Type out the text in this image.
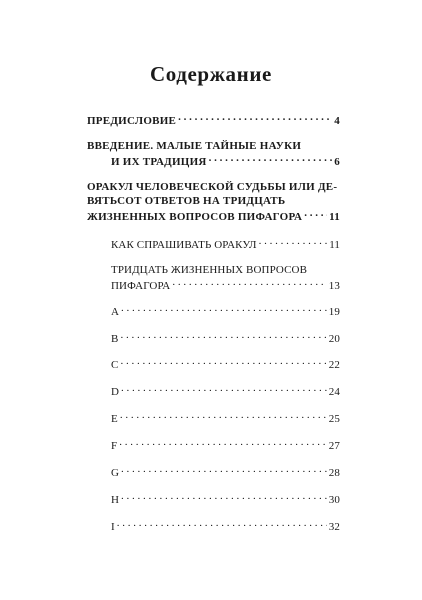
Содержание
ПРЕДИСЛОВИЕ . . .	4
ВВЕДЕНИЕ. МАЛЫЕ ТАЙНЫЕ НАУКИ
И ИХ ТРАДИЦИЯ . . .	6
ОРАКУЛ ЧЕЛОВЕЧЕСКОЙ СУДЬБЫ ИЛИ ДЕ-
ВЯТЬСОТ ОТВЕТОВ НА ТРИДЦАТЬ
ЖИЗНЕННЫХ ВОПРОСОВ ПИФАГОРА . . . 11
КАК СПРАШИВАТЬ ОРАКУЛ . . .	11
ТРИДЦАТЬ ЖИЗНЕННЫХ ВОПРОСОВ
ПИФАГОРА . . .	13
A . . .	19
B . . .	20
C . . .	22
D . . .	24
E . . .	25
F . . .	27
G . . .	28
H . . .	30
I . . .	32
